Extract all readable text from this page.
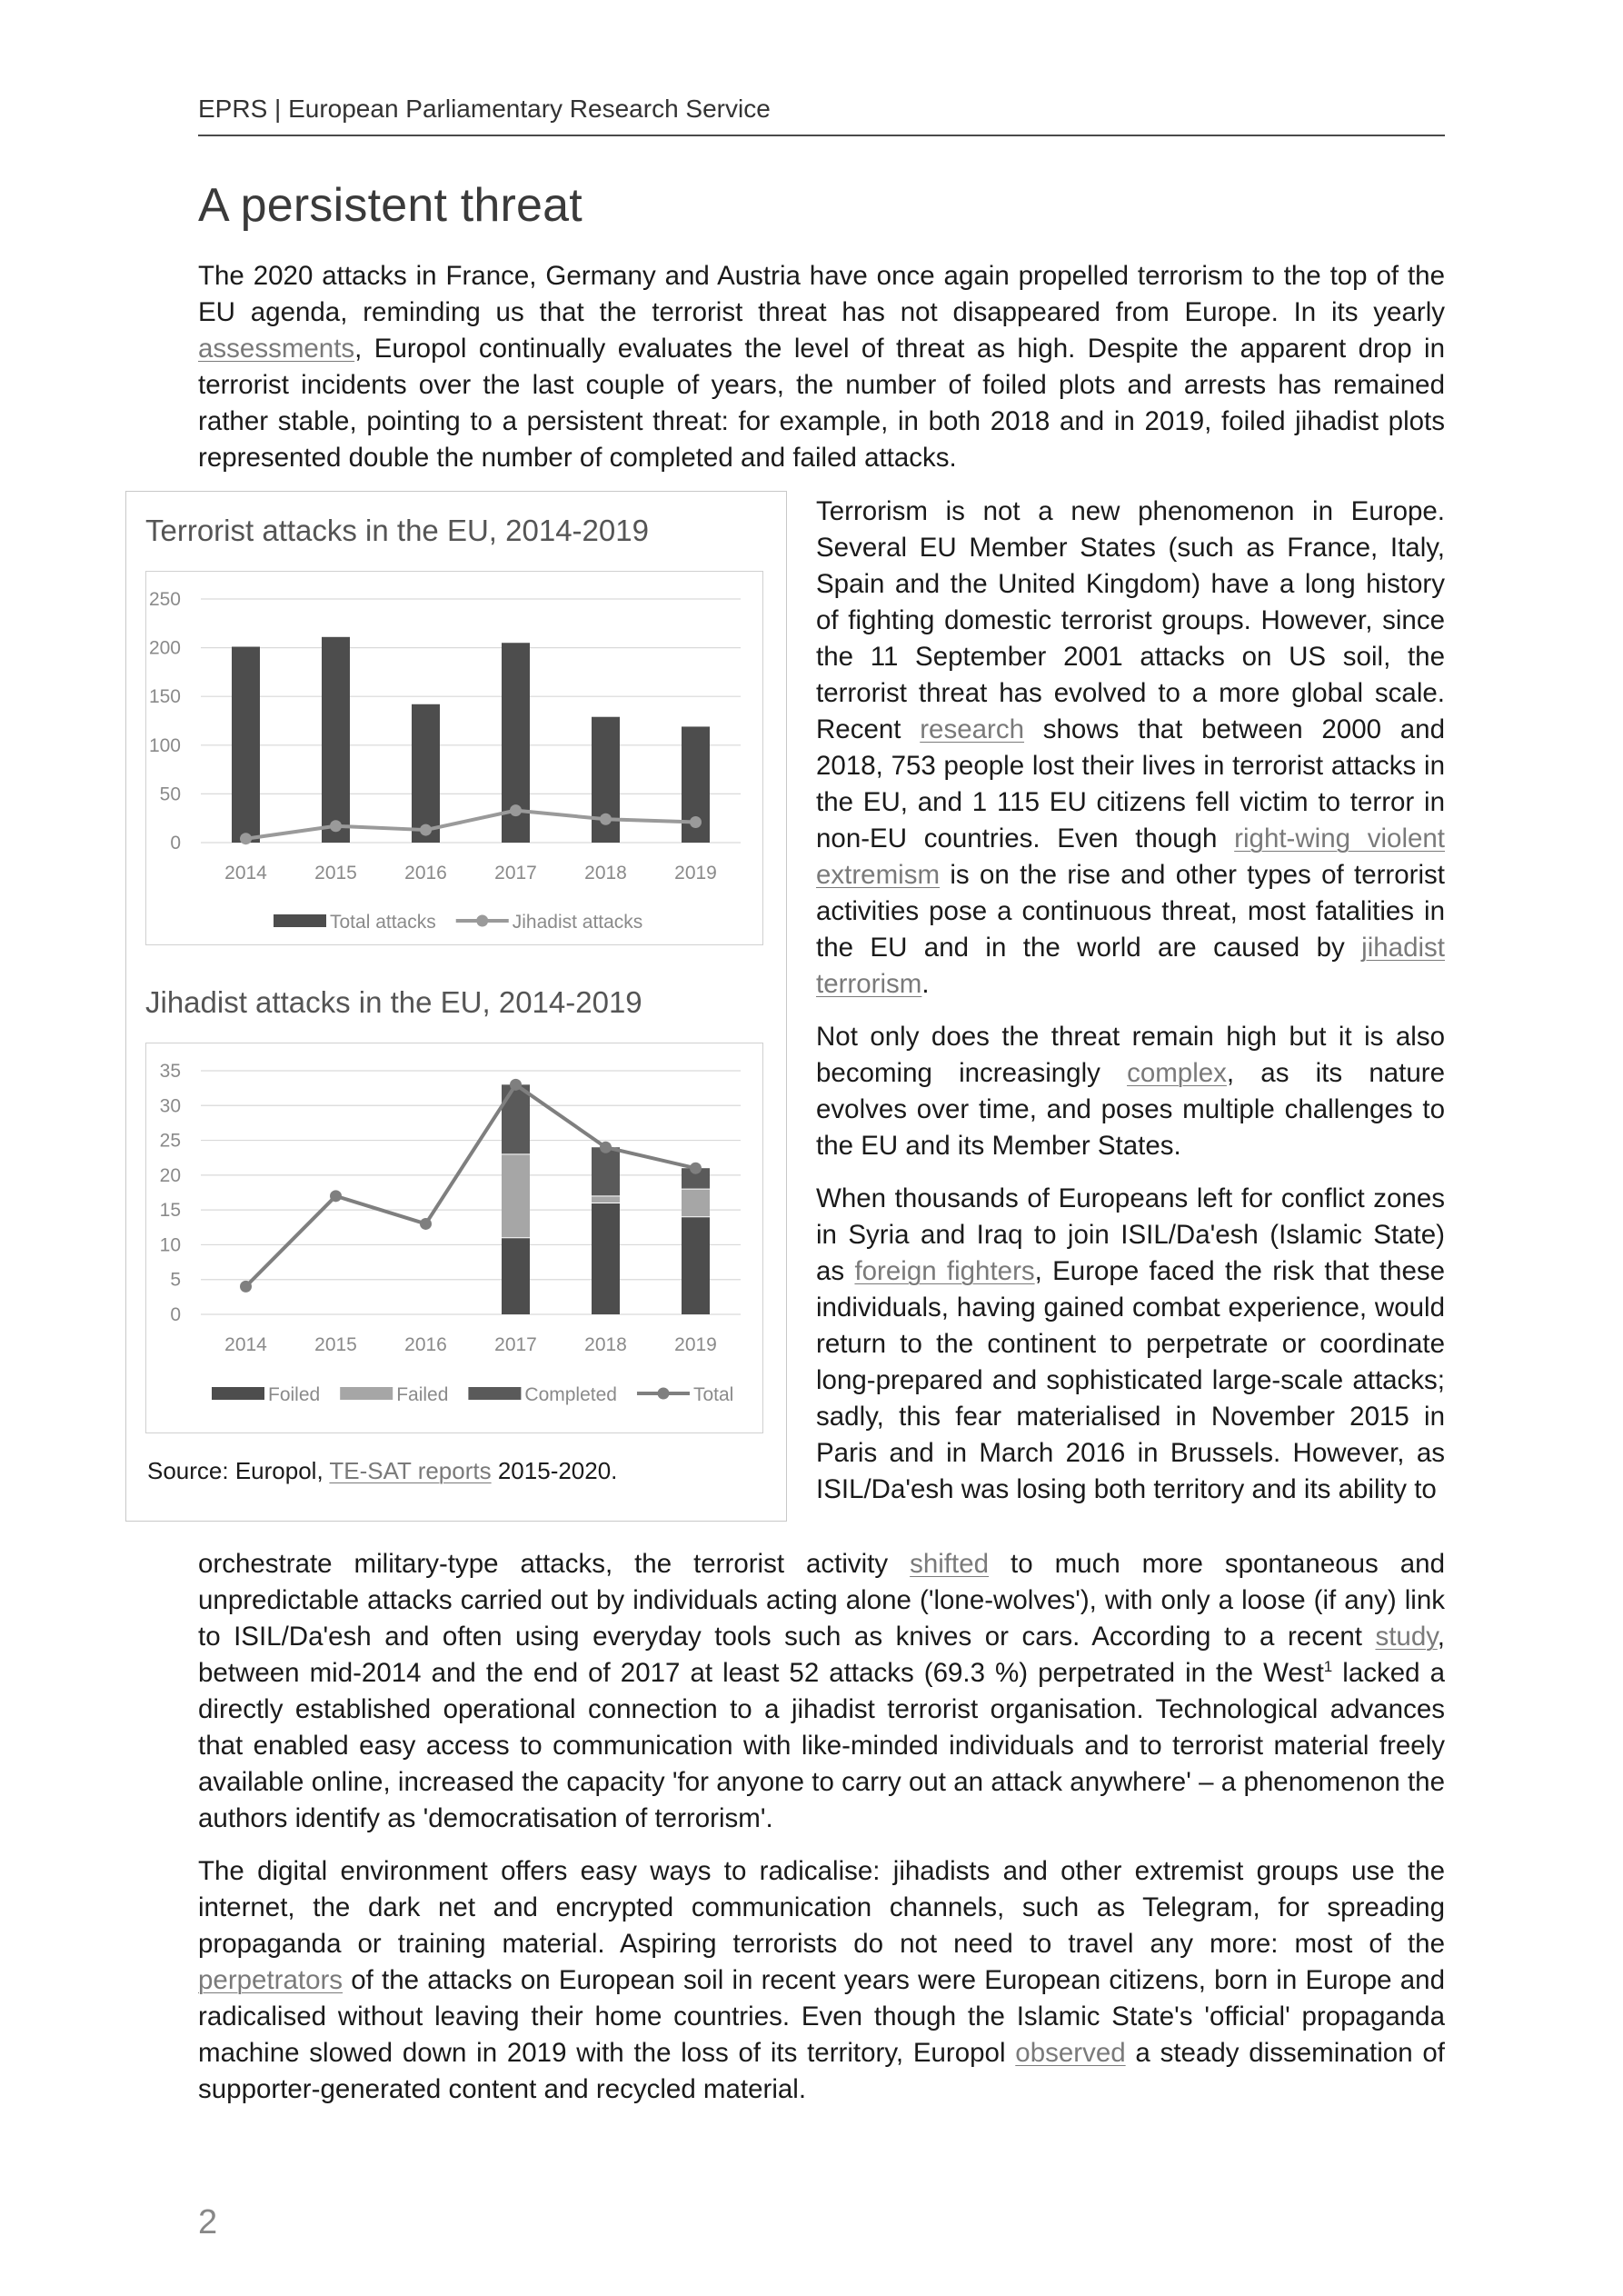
EPRS | European Parliamentary Research Service
A persistent threat

The 2020 attacks in France, Germany and Austria have once again propelled terrorism to the top of the EU agenda, reminding us that the terrorist threat has not disappeared from Europe. In its yearly assessments, Europol continually evaluates the level of threat as high. Despite the apparent drop in terrorist incidents over the last couple of years, the number of foiled plots and arrests has remained rather stable, pointing to a persistent threat: for example, in both 2018 and in 2019, foiled jihadist plots represented double the number of completed and failed attacks.

Terrorist attacks in the EU, 2014-2019
0
50
100
150
200
250
2014 2015 2016 2017 2018 2019
Total attacks	Jihadist attacks
Jihadist attacks in the EU, 2014-2019
0
5
10
15
20
25
30
35
2014 2015 2016 2017 2018 2019
Foiled	Failed	Completed	Total
Source: Europol, TE-SAT reports 2015-2020.

Terrorism is not a new phenomenon in Europe. Several EU Member States (such as France, Italy, Spain and the United Kingdom) have a long history of fighting domestic terrorist groups. However, since the 11 September 2001 attacks on US soil, the terrorist threat has evolved to a more global scale. Recent research shows that between 2000 and 2018, 753 people lost their lives in terrorist attacks in the EU, and 1 115 EU citizens fell victim to terror in non-EU countries. Even though right-wing violent extremism is on the rise and other types of terrorist activities pose a continuous threat, most fatalities in the EU and in the world are caused by jihadist terrorism.

Not only does the threat remain high but it is also becoming increasingly complex, as its nature evolves over time, and poses multiple challenges to the EU and its Member States.

When thousands of Europeans left for conflict zones in Syria and Iraq to join ISIL/Da'esh (Islamic State) as foreign fighters, Europe faced the risk that these individuals, having gained combat experience, would return to the continent to perpetrate or coordinate long-prepared and sophisticated large-scale attacks; sadly, this fear materialised in November 2015 in Paris and in March 2016 in Brussels. However, as ISIL/Da'esh was losing both territory and its ability to

orchestrate military-type attacks, the terrorist activity shifted to much more spontaneous and unpredictable attacks carried out by individuals acting alone ('lone-wolves'), with only a loose (if any) link to ISIL/Da'esh and often using everyday tools such as knives or cars. According to a recent study, between mid-2014 and the end of 2017 at least 52 attacks (69.3 %) perpetrated in the West$^1$ lacked a directly established operational connection to a jihadist terrorist organisation. Technological advances that enabled easy access to communication with like-minded individuals and to terrorist material freely available online, increased the capacity 'for anyone to carry out an attack anywhere' – a phenomenon the authors identify as 'democratisation of terrorism'.

The digital environment offers easy ways to radicalise: jihadists and other extremist groups use the internet, the dark net and encrypted communication channels, such as Telegram, for spreading propaganda or training material. Aspiring terrorists do not need to travel any more: most of the perpetrators of the attacks on European soil in recent years were European citizens, born in Europe and radicalised without leaving their home countries. Even though the Islamic State's 'official' propaganda machine slowed down in 2019 with the loss of its territory, Europol observed a steady dissemination of supporter-generated content and recycled material.

2
